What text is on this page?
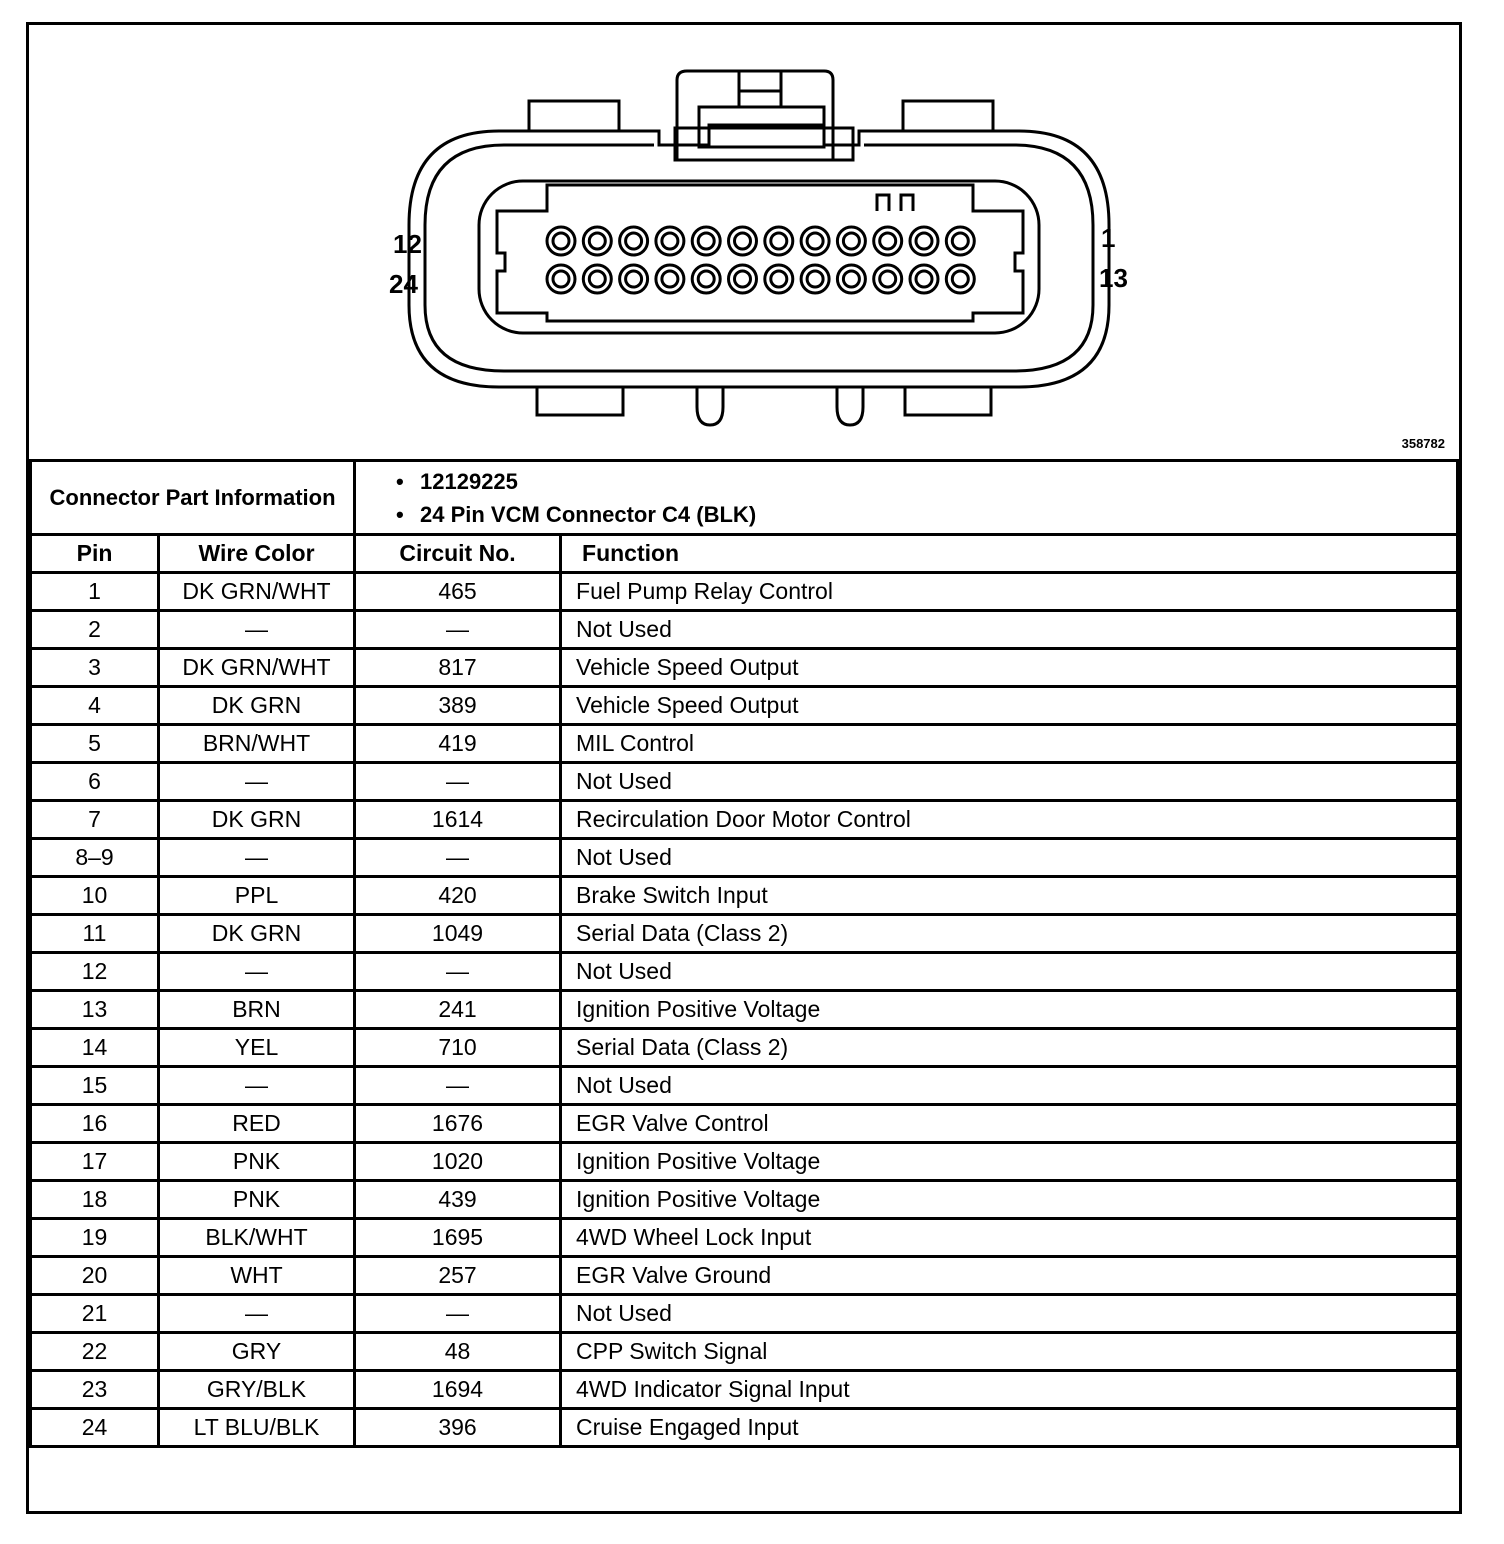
12
24
1
13
358782
Connector Part Information		• 12129225
• 24 Pin VCM Connector C4 (BLK)	

Pin	Wire Color	Circuit No.	Function
1	DK GRN/WHT	465	Fuel Pump Relay Control
2	—	—	Not Used
3	DK GRN/WHT	817	Vehicle Speed Output
4	DK GRN	389	Vehicle Speed Output
5	BRN/WHT	419	MIL Control
6	—	—	Not Used
7	DK GRN	1614	Recirculation Door Motor Control
8–9	—	—	Not Used
10	PPL	420	Brake Switch Input
11	DK GRN	1049	Serial Data (Class 2)
12	—	—	Not Used
13	BRN	241	Ignition Positive Voltage
14	YEL	710	Serial Data (Class 2)
15	—	—	Not Used
16	RED	1676	EGR Valve Control
17	PNK	1020	Ignition Positive Voltage
18	PNK	439	Ignition Positive Voltage
19	BLK/WHT	1695	4WD Wheel Lock Input
20	WHT	257	EGR Valve Ground
21	—	—	Not Used
22	GRY	48	CPP Switch Signal
23	GRY/BLK	1694	4WD Indicator Signal Input
24	LT BLU/BLK	396	Cruise Engaged Input
